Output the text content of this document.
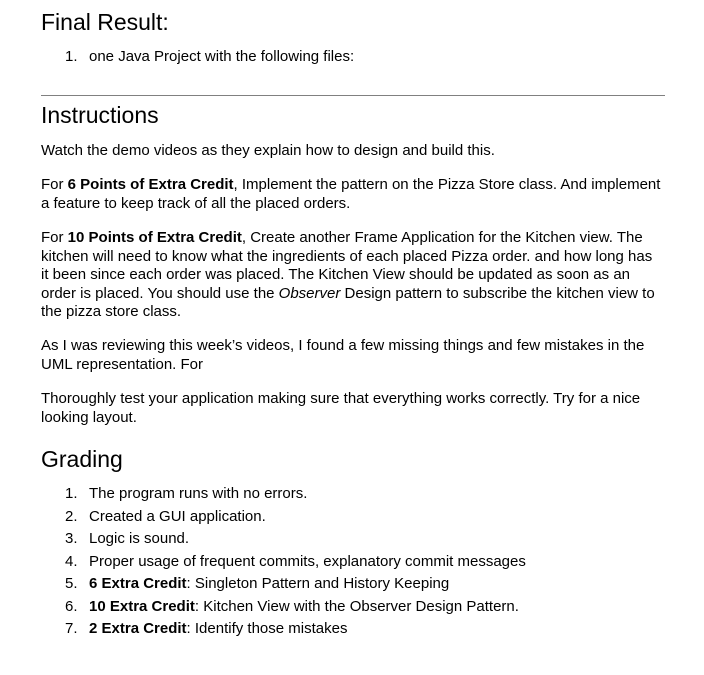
Final Result:
1. one Java Project with the following files:
Instructions

Watch the demo videos as they explain how to design and build this.

For 6 Points of Extra Credit, Implement the pattern on the Pizza Store class. And implement a feature to keep track of all the placed orders.

For 10 Points of Extra Credit, Create another Frame Application for the Kitchen view. The kitchen will need to know what the ingredients of each placed Pizza order. and how long has it been since each order was placed. The Kitchen View should be updated as soon as an order is placed. You should use the Observer Design pattern to subscribe the kitchen view to the pizza store class.

As I was reviewing this week’s videos, I found a few missing things and few mistakes in the UML representation. For

Thoroughly test your application making sure that everything works correctly. Try for a nice looking layout.

Grading
1. The program runs with no errors.
2. Created a GUI application.
3. Logic is sound.
4. Proper usage of frequent commits, explanatory commit messages
5. 6 Extra Credit: Singleton Pattern and History Keeping
6. 10 Extra Credit: Kitchen View with the Observer Design Pattern.
7. 2 Extra Credit: Identify those mistakes
